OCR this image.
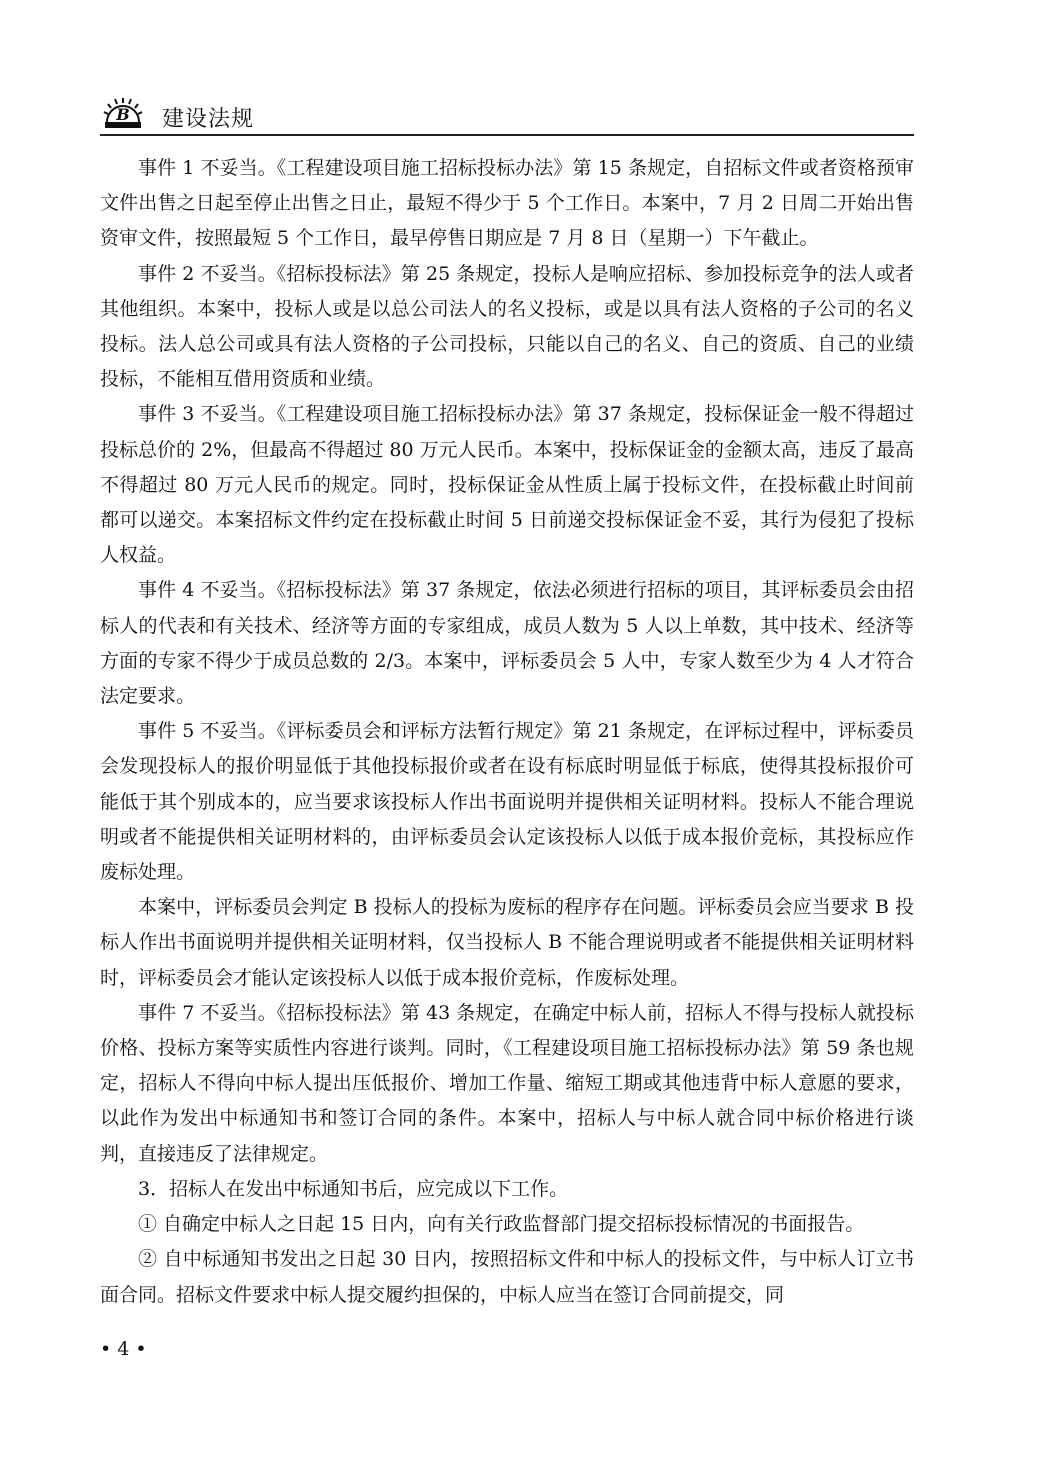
B 建设法规

事件 1 不妥当。《工程建设项目施工招标投标办法》第 15 条规定，自招标文件或者资格预审文件出售之日起至停止出售之日止，最短不得少于 5 个工作日。本案中，7 月 2 日周二开始出售资审文件，按照最短 5 个工作日，最早停售日期应是 7 月 8 日（星期一）下午截止。

事件 2 不妥当。《招标投标法》第 25 条规定，投标人是响应招标、参加投标竞争的法人或者其他组织。本案中，投标人或是以总公司法人的名义投标，或是以具有法人资格的子公司的名义投标。法人总公司或具有法人资格的子公司投标，只能以自己的名义、自己的资质、自己的业绩投标，不能相互借用资质和业绩。

事件 3 不妥当。《工程建设项目施工招标投标办法》第 37 条规定，投标保证金一般不得超过投标总价的 2%，但最高不得超过 80 万元人民币。本案中，投标保证金的金额太高，违反了最高不得超过 80 万元人民币的规定。同时，投标保证金从性质上属于投标文件，在投标截止时间前都可以递交。本案招标文件约定在投标截止时间 5 日前递交投标保证金不妥，其行为侵犯了投标人权益。

事件 4 不妥当。《招标投标法》第 37 条规定，依法必须进行招标的项目，其评标委员会由招标人的代表和有关技术、经济等方面的专家组成，成员人数为 5 人以上单数，其中技术、经济等方面的专家不得少于成员总数的 2/3。本案中，评标委员会 5 人中，专家人数至少为 4 人才符合法定要求。

事件 5 不妥当。《评标委员会和评标方法暂行规定》第 21 条规定，在评标过程中，评标委员会发现投标人的报价明显低于其他投标报价或者在设有标底时明显低于标底，使得其投标报价可能低于其个别成本的，应当要求该投标人作出书面说明并提供相关证明材料。投标人不能合理说明或者不能提供相关证明材料的，由评标委员会认定该投标人以低于成本报价竞标，其投标应作废标处理。

本案中，评标委员会判定 B 投标人的投标为废标的程序存在问题。评标委员会应当要求 B 投标人作出书面说明并提供相关证明材料，仅当投标人 B 不能合理说明或者不能提供相关证明材料时，评标委员会才能认定该投标人以低于成本报价竞标，作废标处理。

事件 7 不妥当。《招标投标法》第 43 条规定，在确定中标人前，招标人不得与投标人就投标价格、投标方案等实质性内容进行谈判。同时，《工程建设项目施工招标投标办法》第 59 条也规定，招标人不得向中标人提出压低报价、增加工作量、缩短工期或其他违背中标人意愿的要求，以此作为发出中标通知书和签订合同的条件。本案中，招标人与中标人就合同中标价格进行谈判，直接违反了法律规定。

3．招标人在发出中标通知书后，应完成以下工作。

① 自确定中标人之日起 15 日内，向有关行政监督部门提交招标投标情况的书面报告。

② 自中标通知书发出之日起 30 日内，按照招标文件和中标人的投标文件，与中标人订立书面合同。招标文件要求中标人提交履约担保的，中标人应当在签订合同前提交，同

• 4 •
